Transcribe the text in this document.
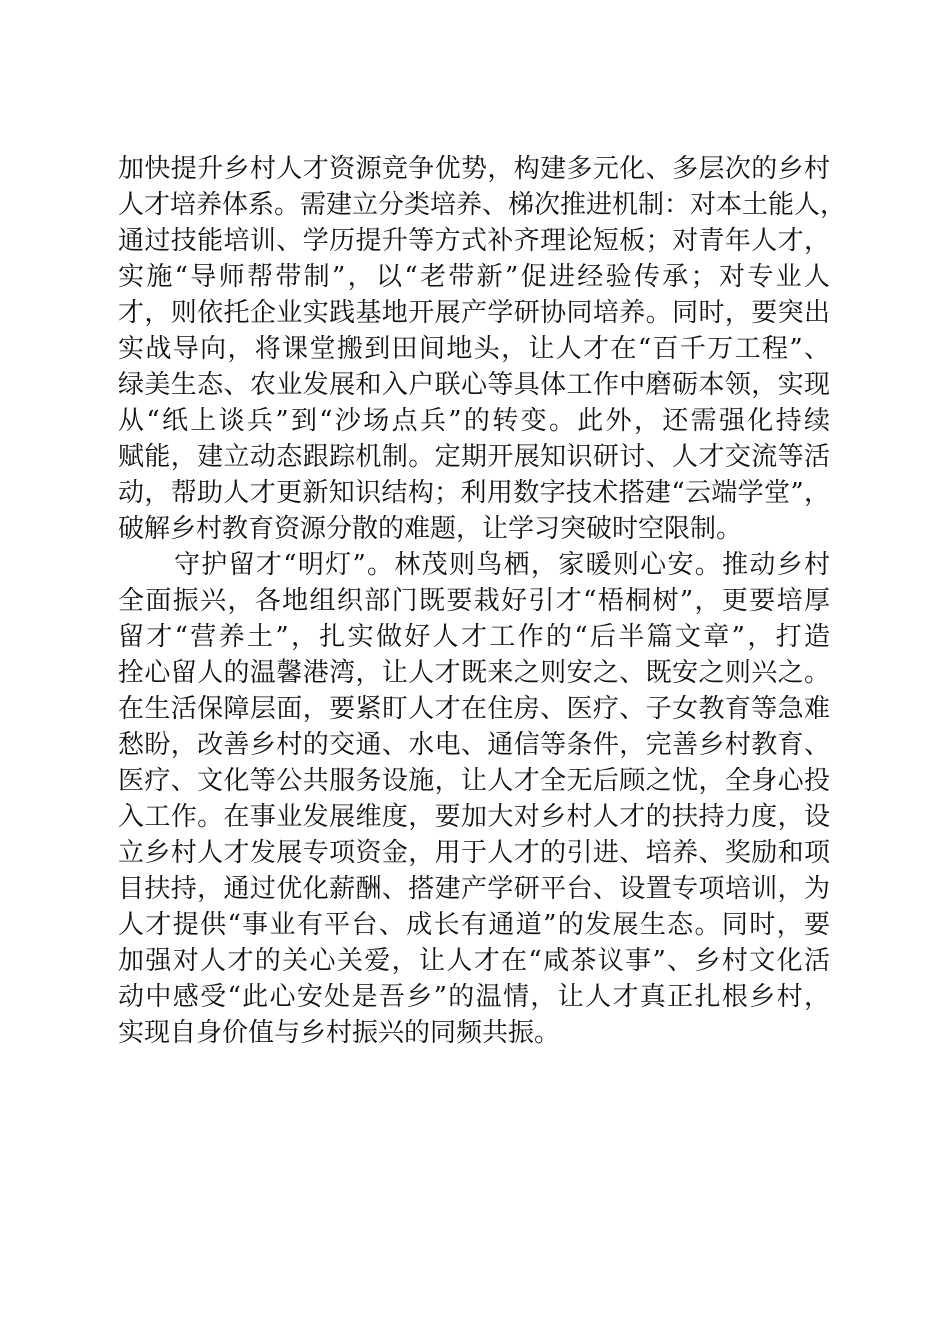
加快提升乡村人才资源竞争优势，构建多元化、多层次的乡村
人才培养体系。需建立分类培养、梯次推进机制：对本土能人，
通过技能培训、学历提升等方式补齐理论短板；对青年人才，
实施“导师帮带制”，以“老带新”促进经验传承；对专业人
才，则依托企业实践基地开展产学研协同培养。同时，要突出
实战导向，将课堂搬到田间地头，让人才在“百千万工程”、
绿美生态、农业发展和入户联心等具体工作中磨砺本领，实现
从“纸上谈兵”到“沙场点兵”的转变。此外，还需强化持续
赋能，建立动态跟踪机制。定期开展知识研讨、人才交流等活
动，帮助人才更新知识结构；利用数字技术搭建“云端学堂”，
破解乡村教育资源分散的难题，让学习突破时空限制。
守护留才“明灯”。林茂则鸟栖，家暖则心安。推动乡村
全面振兴，各地组织部门既要栽好引才“梧桐树”，更要培厚
留才“营养土”，扎实做好人才工作的“后半篇文章”，打造
拴心留人的温馨港湾，让人才既来之则安之、既安之则兴之。
在生活保障层面，要紧盯人才在住房、医疗、子女教育等急难
愁盼，改善乡村的交通、水电、通信等条件，完善乡村教育、
医疗、文化等公共服务设施，让人才全无后顾之忧，全身心投
入工作。在事业发展维度，要加大对乡村人才的扶持力度，设
立乡村人才发展专项资金，用于人才的引进、培养、奖励和项
目扶持，通过优化薪酬、搭建产学研平台、设置专项培训，为
人才提供“事业有平台、成长有通道”的发展生态。同时，要
加强对人才的关心关爱，让人才在“咸茶议事”、乡村文化活
动中感受“此心安处是吾乡”的温情，让人才真正扎根乡村，
实现自身价值与乡村振兴的同频共振。
